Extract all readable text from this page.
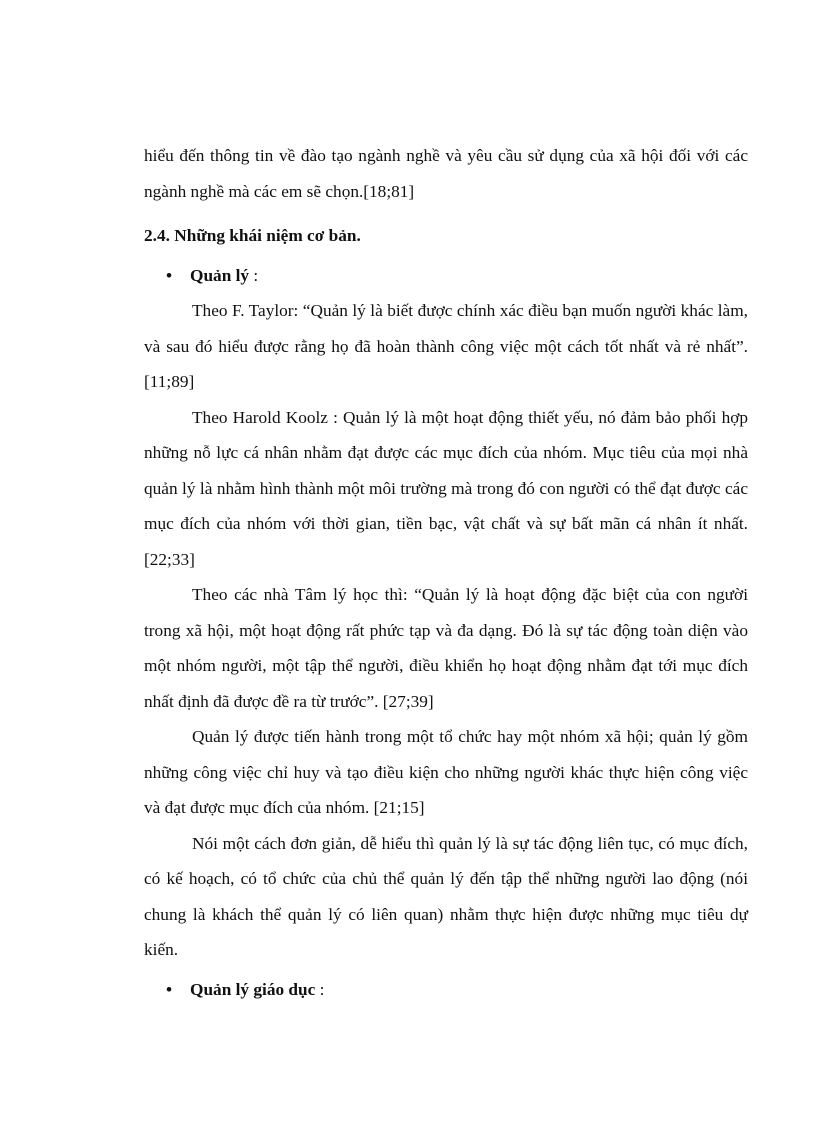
hiểu đến thông tin về đào tạo ngành nghề và yêu cầu sử dụng của xã hội đối với các ngành nghề mà các em sẽ chọn.[18;81]

2.4. Những khái niệm cơ bản.

•	Quản lý :

Theo F. Taylor: “Quản lý là biết được chính xác điều bạn muốn người khác làm, và sau đó hiểu được rằng họ đã hoàn thành công việc một cách tốt nhất và rẻ nhất”. [11;89]

Theo Harold Koolz : Quản lý là một hoạt động thiết yếu, nó đảm bảo phối hợp những nỗ lực cá nhân nhằm đạt được các mục đích của nhóm. Mục tiêu của mọi nhà quản lý là nhằm hình thành một môi trường mà trong đó con người có thể đạt được các mục đích của nhóm với thời gian, tiền bạc, vật chất và sự bất mãn cá nhân ít nhất. [22;33]

Theo các nhà Tâm lý học thì: “Quản lý là hoạt động đặc biệt của con người trong xã hội, một hoạt động rất phức tạp và đa dạng. Đó là sự tác động toàn diện vào một nhóm người, một tập thể người, điều khiển họ hoạt động nhằm đạt tới mục đích nhất định đã được đề ra từ trước”. [27;39]

Quản lý được tiến hành trong một tổ chức hay một nhóm xã hội; quản lý gồm những công việc chỉ huy và tạo điều kiện cho những người khác thực hiện công việc và đạt được mục đích của nhóm. [21;15]

Nói một cách đơn giản, dễ hiểu thì quản lý là sự tác động liên tục, có mục đích, có kế hoạch, có tổ chức của chủ thể quản lý đến tập thể những người lao động (nói chung là khách thể quản lý có liên quan) nhằm thực hiện được những mục tiêu dự kiến.

•	Quản lý giáo dục :
